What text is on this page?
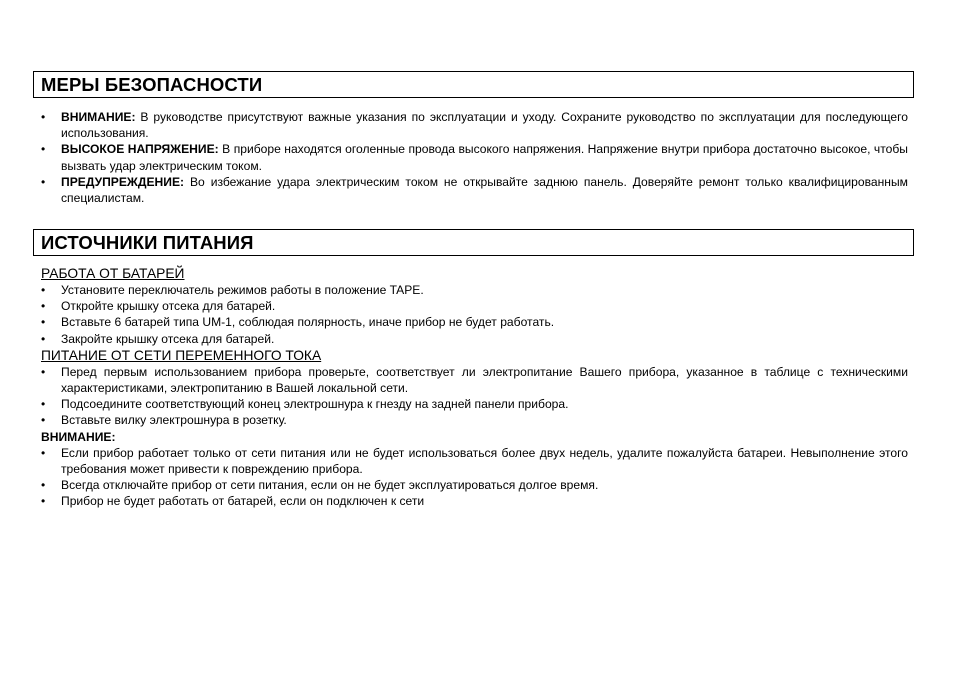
МЕРЫ БЕЗОПАСНОСТИ
•	ВНИМАНИЕ: В руководстве присутствуют важные указания по эксплуатации и уходу. Сохраните руководство по эксплуатации для последующего использования.
•	ВЫСОКОЕ НАПРЯЖЕНИЕ: В приборе находятся оголенные провода высокого напряжения. Напряжение внутри прибора достаточно высокое, чтобы вызвать удар электрическим током.
•	ПРЕДУПРЕЖДЕНИЕ: Во избежание удара электрическим током не открывайте заднюю панель. Доверяйте ремонт только квалифицированным специалистам.
ИСТОЧНИКИ ПИТАНИЯ
РАБОТА ОТ БАТАРЕЙ
•	Установите переключатель режимов работы в положение TAPE.
•	Откройте крышку отсека для батарей.
•	Вставьте 6 батарей типа UM-1, соблюдая полярность, иначе прибор не будет работать.
•	Закройте крышку отсека для батарей.
ПИТАНИЕ ОТ СЕТИ ПЕРЕМЕННОГО ТОКА
•	Перед первым использованием прибора проверьте, соответствует ли электропитание Вашего прибора, указанное в таблице с техническими характеристиками, электропитанию в Вашей локальной сети.
•	Подсоедините соответствующий конец электрошнура к гнезду на задней панели прибора.
•	Вставьте вилку электрошнура в розетку.
ВНИМАНИЕ:
•	Если прибор работает только от сети питания или не будет использоваться более двух недель, удалите пожалуйста батареи. Невыполнение этого требования может привести к повреждению прибора.
•	Всегда отключайте прибор от сети питания, если он не будет эксплуатироваться долгое время.
•	Прибор не будет работать от батарей, если он подключен к сети
